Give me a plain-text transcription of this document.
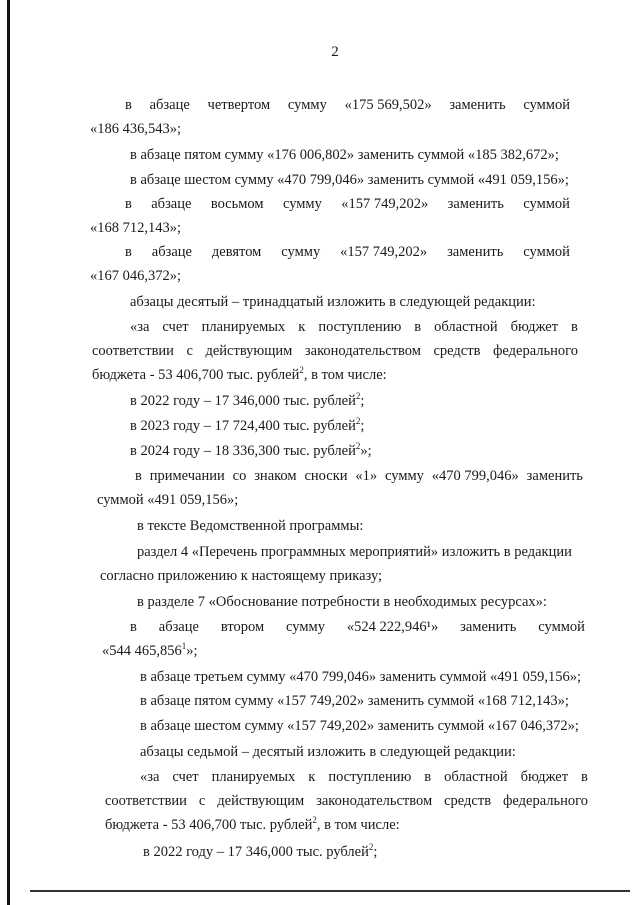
2
в абзаце четвертом сумму «175 569,502» заменить суммой
«186 436,543»;
в абзаце пятом сумму «176 006,802» заменить суммой «185 382,672»;
в абзаце шестом сумму «470 799,046» заменить суммой «491 059,156»;
в абзаце восьмом сумму «157 749,202» заменить суммой
«168 712,143»;
в абзаце девятом сумму «157 749,202» заменить суммой
«167 046,372»;
абзацы десятый – тринадцатый изложить в следующей редакции:
«за счет планируемых к поступлению в областной бюджет в
соответствии с действующим законодательством средств федерального
бюджета - 53 406,700 тыс. рублей$^2$, в том числе:
в 2022 году – 17 346,000 тыс. рублей$^2$;
в 2023 году – 17 724,400 тыс. рублей$^2$;
в 2024 году – 18 336,300 тыс. рублей$^2$»;
в примечании со знаком сноски «1» сумму «470 799,046» заменить
суммой «491 059,156»;
в тексте Ведомственной программы:
раздел 4 «Перечень программных мероприятий» изложить в редакции
согласно приложению к настоящему приказу;
в разделе 7 «Обоснование потребности в необходимых ресурсах»:
в абзаце втором сумму «524 222,946¹» заменить суммой
«544 465,856$^1$»;
в абзаце третьем сумму «470 799,046» заменить суммой «491 059,156»;
в абзаце пятом сумму «157 749,202» заменить суммой «168 712,143»;
в абзаце шестом сумму «157 749,202» заменить суммой «167 046,372»;
абзацы седьмой – десятый изложить в следующей редакции:
«за счет планируемых к поступлению в областной бюджет в
соответствии с действующим законодательством средств федерального
бюджета - 53 406,700 тыс. рублей$^2$, в том числе:
в 2022 году – 17 346,000 тыс. рублей$^2$;
